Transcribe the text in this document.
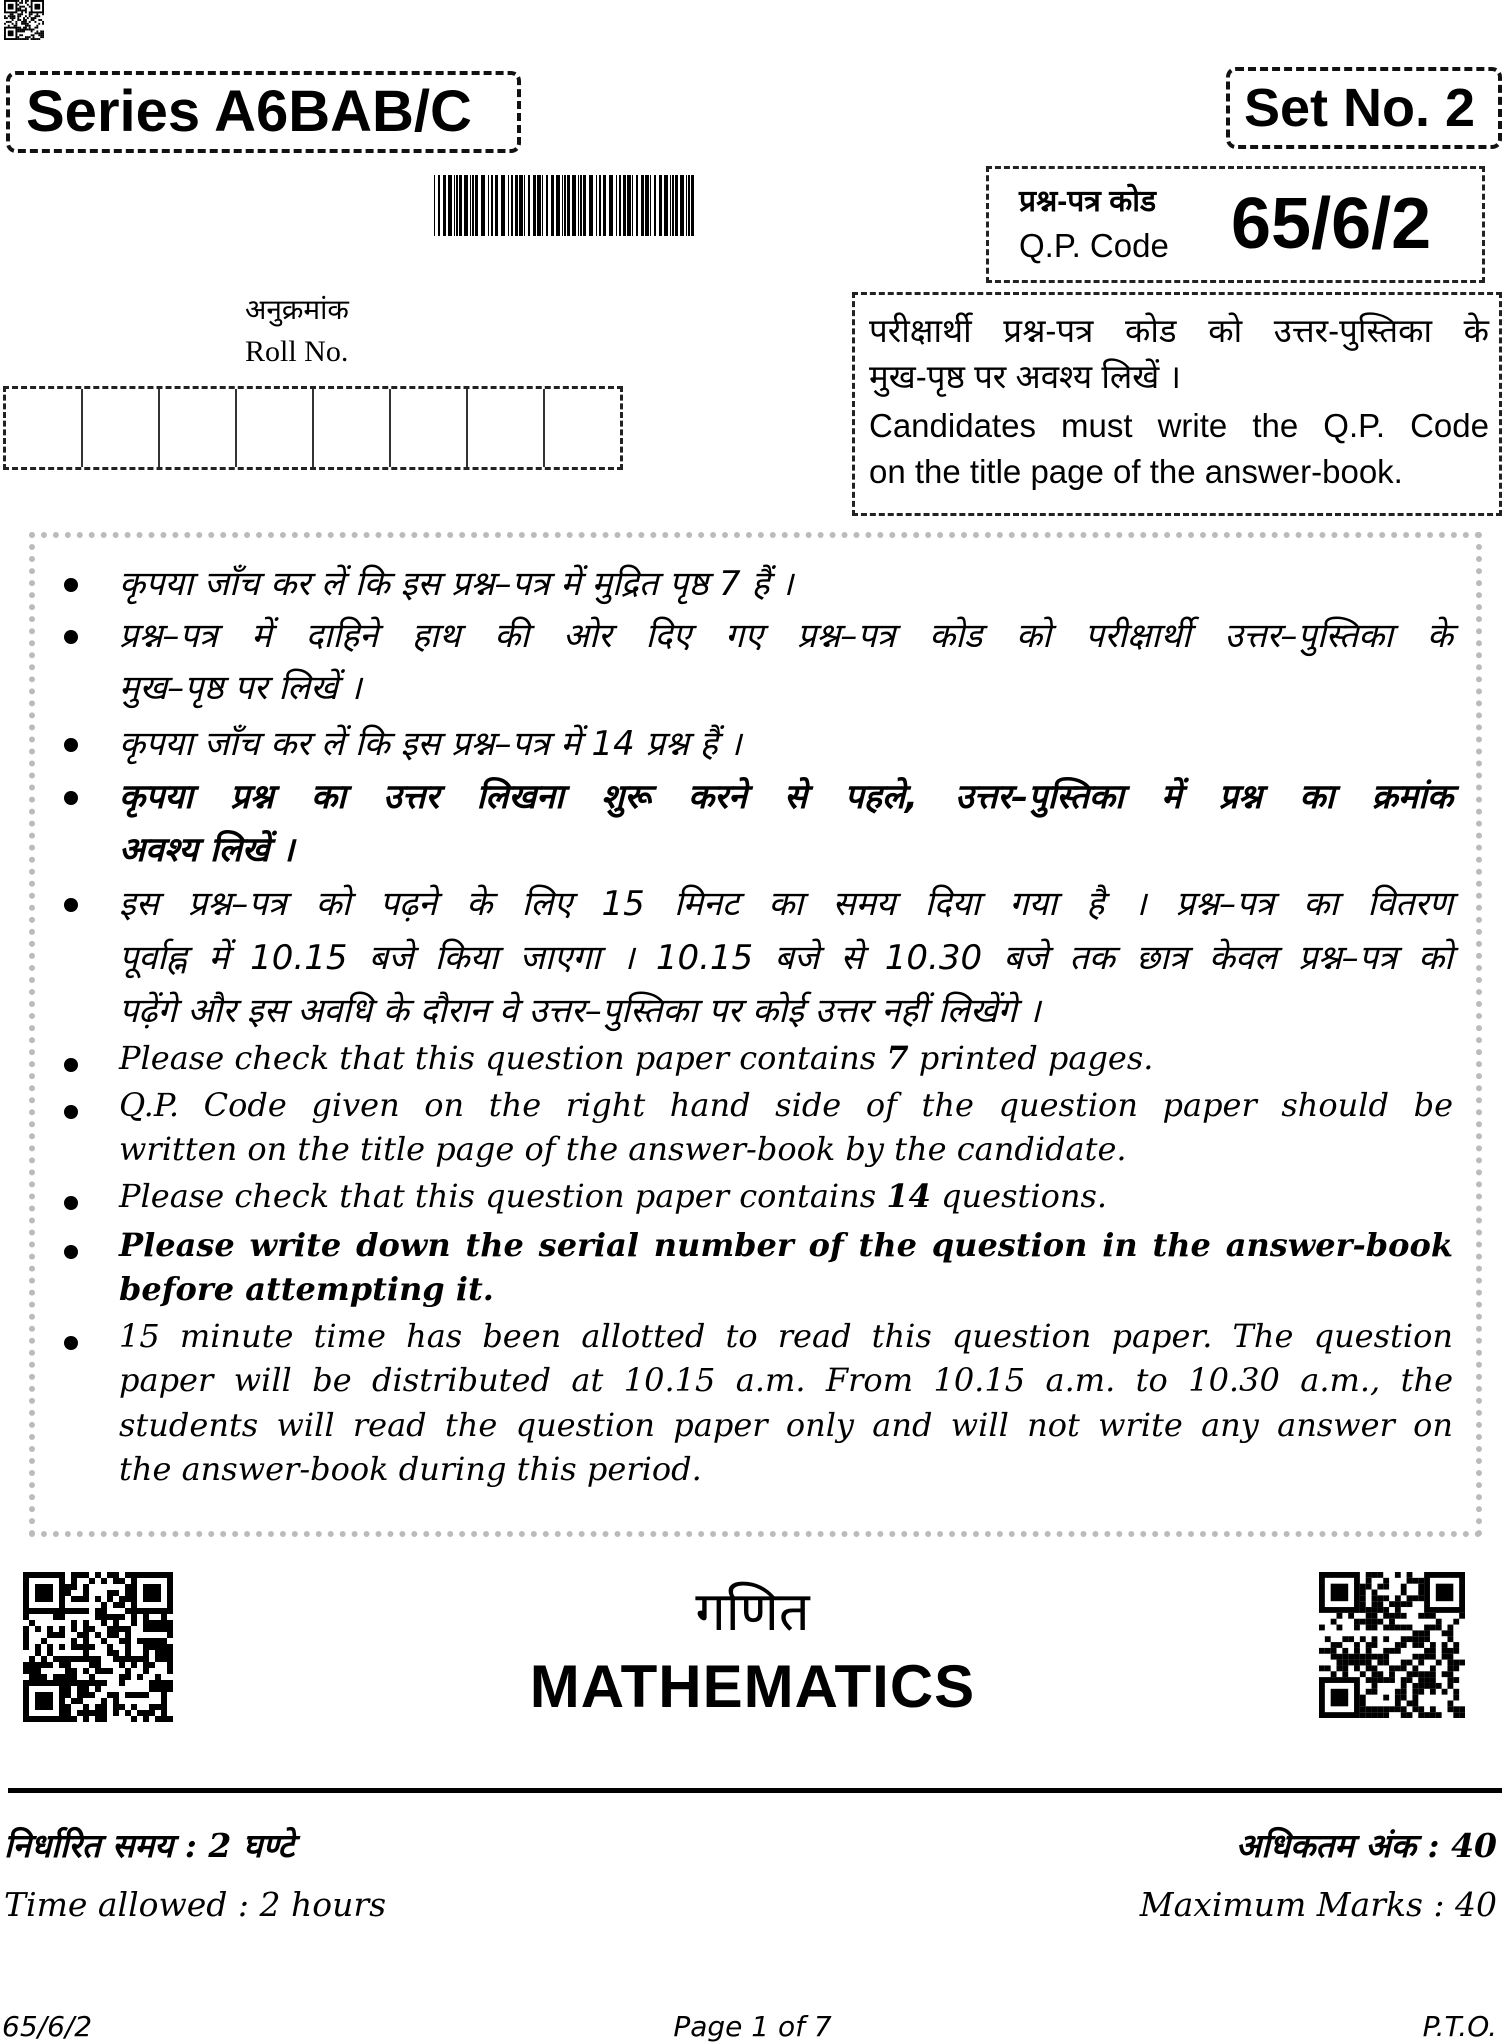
Series A6BAB/C	Set No. 2
प्रश्न-पत्र कोड
Q.P. Code 65/6/2
अनुक्रमांक
Roll No.
परीक्षार्थी प्रश्न-पत्र कोड को उत्तर-पुस्तिका के
मुख-पृष्ठ पर अवश्य लिखें ।
Candidates must write the Q.P. Code
on the title page of the answer-book.
कृपया जाँच कर लें कि इस प्रश्न–पत्र में मुद्रित पृष्ठ 7 हैं ।
प्रश्न–पत्र में दाहिने हाथ की ओर दिए गए प्रश्न–पत्र कोड को परीक्षार्थी उत्तर–पुस्तिका के
मुख–पृष्ठ पर लिखें ।
कृपया जाँच कर लें कि इस प्रश्न–पत्र में 14 प्रश्न हैं ।
कृपया प्रश्न का उत्तर लिखना शुरू करने से पहले, उत्तर–पुस्तिका में प्रश्न का क्रमांक
अवश्य लिखें ।
इस प्रश्न–पत्र को पढ़ने के लिए 15 मिनट का समय दिया गया है । प्रश्न–पत्र का वितरण
पूर्वाह्न में 10.15 बजे किया जाएगा । 10.15 बजे से 10.30 बजे तक छात्र केवल प्रश्न–पत्र को
पढ़ेंगे और इस अवधि के दौरान वे उत्तर–पुस्तिका पर कोई उत्तर नहीं लिखेंगे ।
Please check that this question paper contains 7 printed pages.
Q.P. Code given on the right hand side of the question paper should be
written on the title page of the answer-book by the candidate.
Please check that this question paper contains 14 questions.
Please write down the serial number of the question in the answer-book
before attempting it.
15 minute time has been allotted to read this question paper. The question
paper will be distributed at 10.15 a.m. From 10.15 a.m. to 10.30 a.m., the
students will read the question paper only and will not write any answer on
the answer-book during this period.
गणित
MATHEMATICS
निर्धारित समय : 2 घण्टे
Time allowed : 2 hours
अधिकतम अंक : 40
Maximum Marks : 40
65/6/2	Page 1 of 7	P.T.O.
